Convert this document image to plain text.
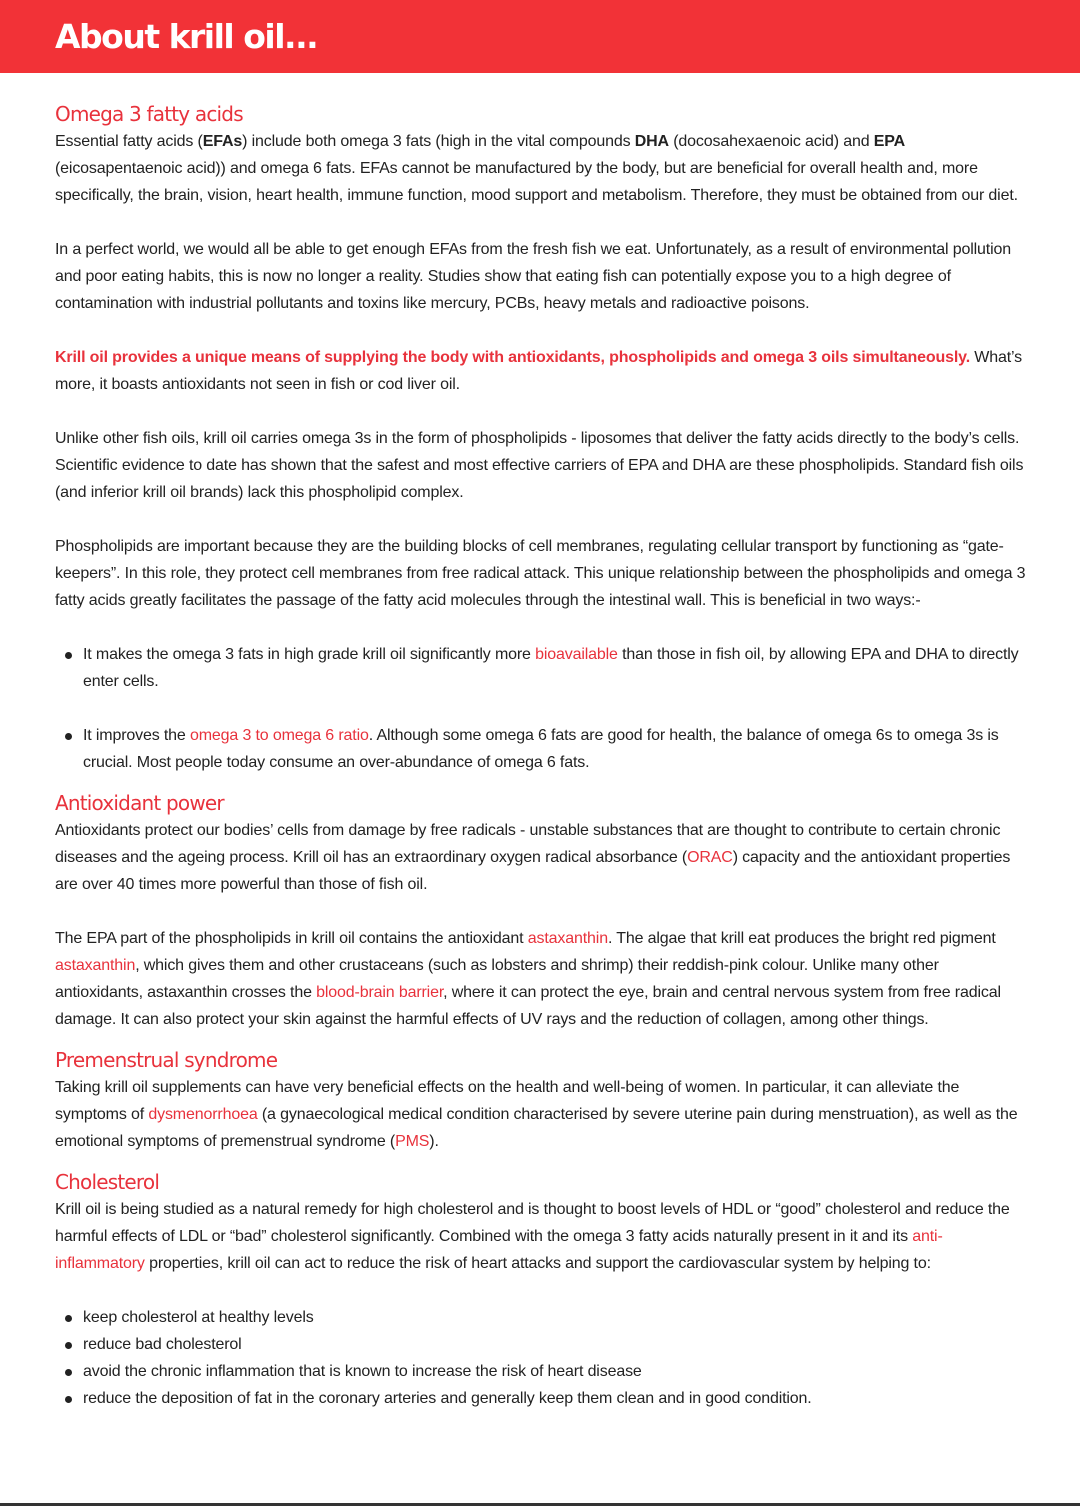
About krill oil...
Omega 3 fatty acids

Essential fatty acids (EFAs) include both omega 3 fats (high in the vital compounds DHA (docosahexaenoic acid) and EPA (eicosapentaenoic acid)) and omega 6 fats. EFAs cannot be manufactured by the body, but are beneficial for overall health and, more specifically, the brain, vision, heart health, immune function, mood support and metabolism. Therefore, they must be obtained from our diet.

In a perfect world, we would all be able to get enough EFAs from the fresh fish we eat. Unfortunately, as a result of environmental pollution and poor eating habits, this is now no longer a reality. Studies show that eating fish can potentially expose you to a high degree of contamination with industrial pollutants and toxins like mercury, PCBs, heavy metals and radioactive poisons.

Krill oil provides a unique means of supplying the body with antioxidants, phospholipids and omega 3 oils simultaneously. What’s more, it boasts antioxidants not seen in fish or cod liver oil.

Unlike other fish oils, krill oil carries omega 3s in the form of phospholipids - liposomes that deliver the fatty acids directly to the body’s cells. Scientific evidence to date has shown that the safest and most effective carriers of EPA and DHA are these phospholipids. Standard fish oils (and inferior krill oil brands) lack this phospholipid complex.

Phospholipids are important because they are the building blocks of cell membranes, regulating cellular transport by functioning as “gate-keepers”. In this role, they protect cell membranes from free radical attack. This unique relationship between the phospholipids and omega 3 fatty acids greatly facilitates the passage of the fatty acid molecules through the intestinal wall. This is beneficial in two ways:-

It makes the omega 3 fats in high grade krill oil significantly more bioavailable than those in fish oil, by allowing EPA and DHA to directly enter cells.
It improves the omega 3 to omega 6 ratio. Although some omega 6 fats are good for health, the balance of omega 6s to omega 3s is crucial. Most people today consume an over-abundance of omega 6 fats.
Antioxidant power

Antioxidants protect our bodies’ cells from damage by free radicals - unstable substances that are thought to contribute to certain chronic diseases and the ageing process. Krill oil has an extraordinary oxygen radical absorbance (ORAC) capacity and the antioxidant properties are over 40 times more powerful than those of fish oil.

The EPA part of the phospholipids in krill oil contains the antioxidant astaxanthin. The algae that krill eat produces the bright red pigment astaxanthin, which gives them and other crustaceans (such as lobsters and shrimp) their reddish-pink colour. Unlike many other antioxidants, astaxanthin crosses the blood-brain barrier, where it can protect the eye, brain and central nervous system from free radical damage. It can also protect your skin against the harmful effects of UV rays and the reduction of collagen, among other things.

Premenstrual syndrome

Taking krill oil supplements can have very beneficial effects on the health and well-being of women. In particular, it can alleviate the symptoms of dysmenorrhoea (a gynaecological medical condition characterised by severe uterine pain during menstruation), as well as the emotional symptoms of premenstrual syndrome (PMS).

Cholesterol

Krill oil is being studied as a natural remedy for high cholesterol and is thought to boost levels of HDL or “good” cholesterol and reduce the harmful effects of LDL or “bad” cholesterol significantly. Combined with the omega 3 fatty acids naturally present in it and its anti-inflammatory properties, krill oil can act to reduce the risk of heart attacks and support the cardiovascular system by helping to:

keep cholesterol at healthy levels
reduce bad cholesterol
avoid the chronic inflammation that is known to increase the risk of heart disease
reduce the deposition of fat in the coronary arteries and generally keep them clean and in good condition.
